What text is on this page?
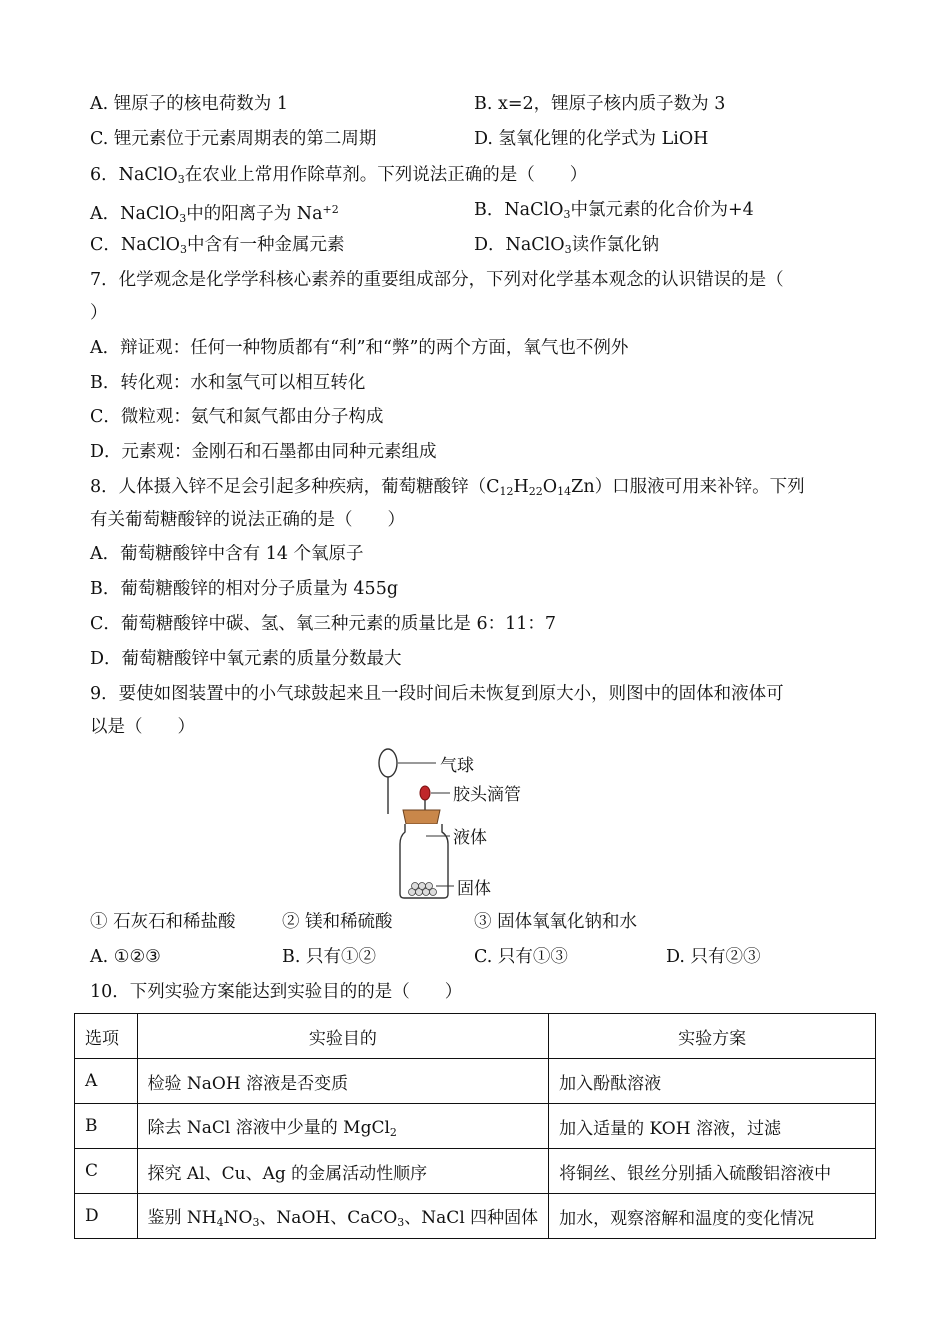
A. 锂原子的核电荷数为 1	B. x=2，锂原子核内质子数为 3
C. 锂元素位于元素周期表的第二周期	D. 氢氧化锂的化学式为 LiOH
6．NaClO$_3$在农业上常用作除草剂。下列说法正确的是（　　）
A．NaClO$_3$中的阳离子为 $Na^{+2}$	B．NaClO$_3$中氯元素的化合价为+4
C．NaClO$_3$中含有一种金属元素	D．NaClO$_3$读作氯化钠
7．化学观念是化学学科核心素养的重要组成部分，下列对化学基本观念的认识错误的是（
）
A．辩证观：任何一种物质都有“利”和“弊”的两个方面，氧气也不例外
B．转化观：水和氢气可以相互转化
C．微粒观：氨气和氮气都由分子构成
D．元素观：金刚石和石墨都由同种元素组成
8．人体摄入锌不足会引起多种疾病，葡萄糖酸锌$(C_{12}H_{22}O_{14}Zn)$口服液可用来补锌。下列
有关葡萄糖酸锌的说法正确的是（　　）
A．葡萄糖酸锌中含有 14 个氧原子
B．葡萄糖酸锌的相对分子质量为 455g
C．葡萄糖酸锌中碳、氢、氧三种元素的质量比是 6：11：7
D．葡萄糖酸锌中氧元素的质量分数最大
9．要使如图装置中的小气球鼓起来且一段时间后未恢复到原大小，则图中的固体和液体可
以是（　　）
气球
胶头滴管
液体
固体
① 石灰石和稀盐酸	② 镁和稀硫酸	③ 固体氧氧化钠和水
A. ①②③	B. 只有①②	C. 只有①③	D. 只有②③
10．下列实验方案能达到实验目的的是（　　）
选项	实验目的	实验方案
A	检验 NaOH 溶液是否变质	加入酚酞溶液
B	除去 NaCl 溶液中少量的 MgCl$_2$	加入适量的 KOH 溶液，过滤
C	探究 Al、Cu、Ag 的金属活动性顺序	将铜丝、银丝分别插入硫酸铝溶液中
D	鉴别 $NH_4NO_3$、NaOH、CaCO$_3$、NaCl 四种固体	加水，观察溶解和温度的变化情况
